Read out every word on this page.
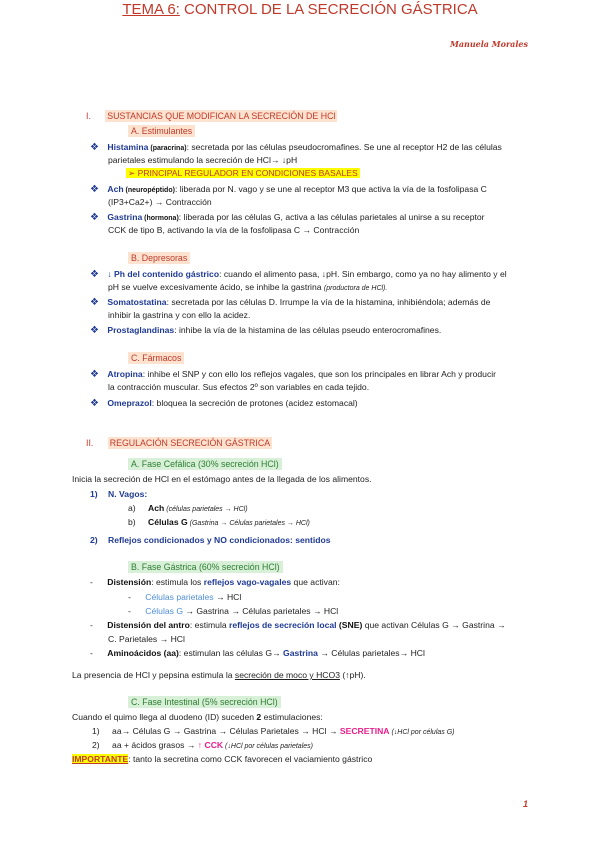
Manuela Morales
TEMA 6: CONTROL DE LA SECRECIÓN GÁSTRICA
I. SUSTANCIAS QUE MODIFICAN LA SECRECIÓN DE HCl
A. Estimulantes
❖ Histamina (paracrina): secretada por las células pseudocromafines. Se une al receptor H2 de las células
parietales estimulando la secreción de HCl→ ↓pH
➢ PRINCIPAL REGULADOR EN CONDICIONES BASALES
❖ Ach (neuropéptido): liberada por N. vago y se une al receptor M3 que activa la vía de la fosfolipasa C
(IP3+Ca2+) → Contracción
❖ Gastrina (hormona): liberada por las células G, activa a las células parietales al unirse a su receptor
CCK de tipo B, activando la vía de la fosfolipasa C → Contracción
B. Depresoras
❖ ↓ Ph del contenido gástrico: cuando el alimento pasa, ↓pH. Sin embargo, como ya no hay alimento y el
pH se vuelve excesivamente ácido, se inhibe la gastrina (productora de HCl).
❖ Somatostatina: secretada por las células D. Irrumpe la vía de la histamina, inhibiéndola; además de
inhibir la gastrina y con ello la acidez.
❖ Prostaglandinas: inhibe la vía de la histamina de las células pseudo enterocromafines.
C. Fármacos
❖ Atropina: inhibe el SNP y con ello los reflejos vagales, que son los principales en librar Ach y producir
la contracción muscular. Sus efectos 2º son variables en cada tejido.
❖ Omeprazol: bloquea la secreción de protones (acidez estomacal)
II. REGULACIÓN SECRECIÓN GÁSTRICA
A. Fase Cefálica (30% secreción HCl)
Inicia la secreción de HCl en el estómago antes de la llegada de los alimentos.
1) N. Vagos:
a) Ach (células parietales → HCl)
b) Células G (Gastrina → Células parietales → HCl)
2) Reflejos condicionados y NO condicionados: sentidos
B. Fase Gástrica (60% secreción HCl)
- Distensión: estimula los reflejos vago-vagales que activan:
- Células parietales → HCl
- Células G → Gastrina → Células parietales → HCl
- Distensión del antro: estimula reflejos de secreción local (SNE) que activan Células G → Gastrina →
C. Parietales → HCl
- Aminoácidos (aa): estimulan las células G→ Gastrina → Células parietales→ HCl
La presencia de HCl y pepsina estimula la secreción de moco y HCO3 (↑pH).
C. Fase Intestinal (5% secreción HCl)
Cuando el quimo llega al duodeno (ID) suceden 2 estimulaciones:
1) aa→ Células G → Gastrina → Células Parietales → HCl → SECRETINA (↓HCl por células G)
2) aa + ácidos grasos → ↑ CCK (↓HCl por células parietales)
IMPORTANTE: tanto la secretina como CCK favorecen el vaciamiento gástrico
1
